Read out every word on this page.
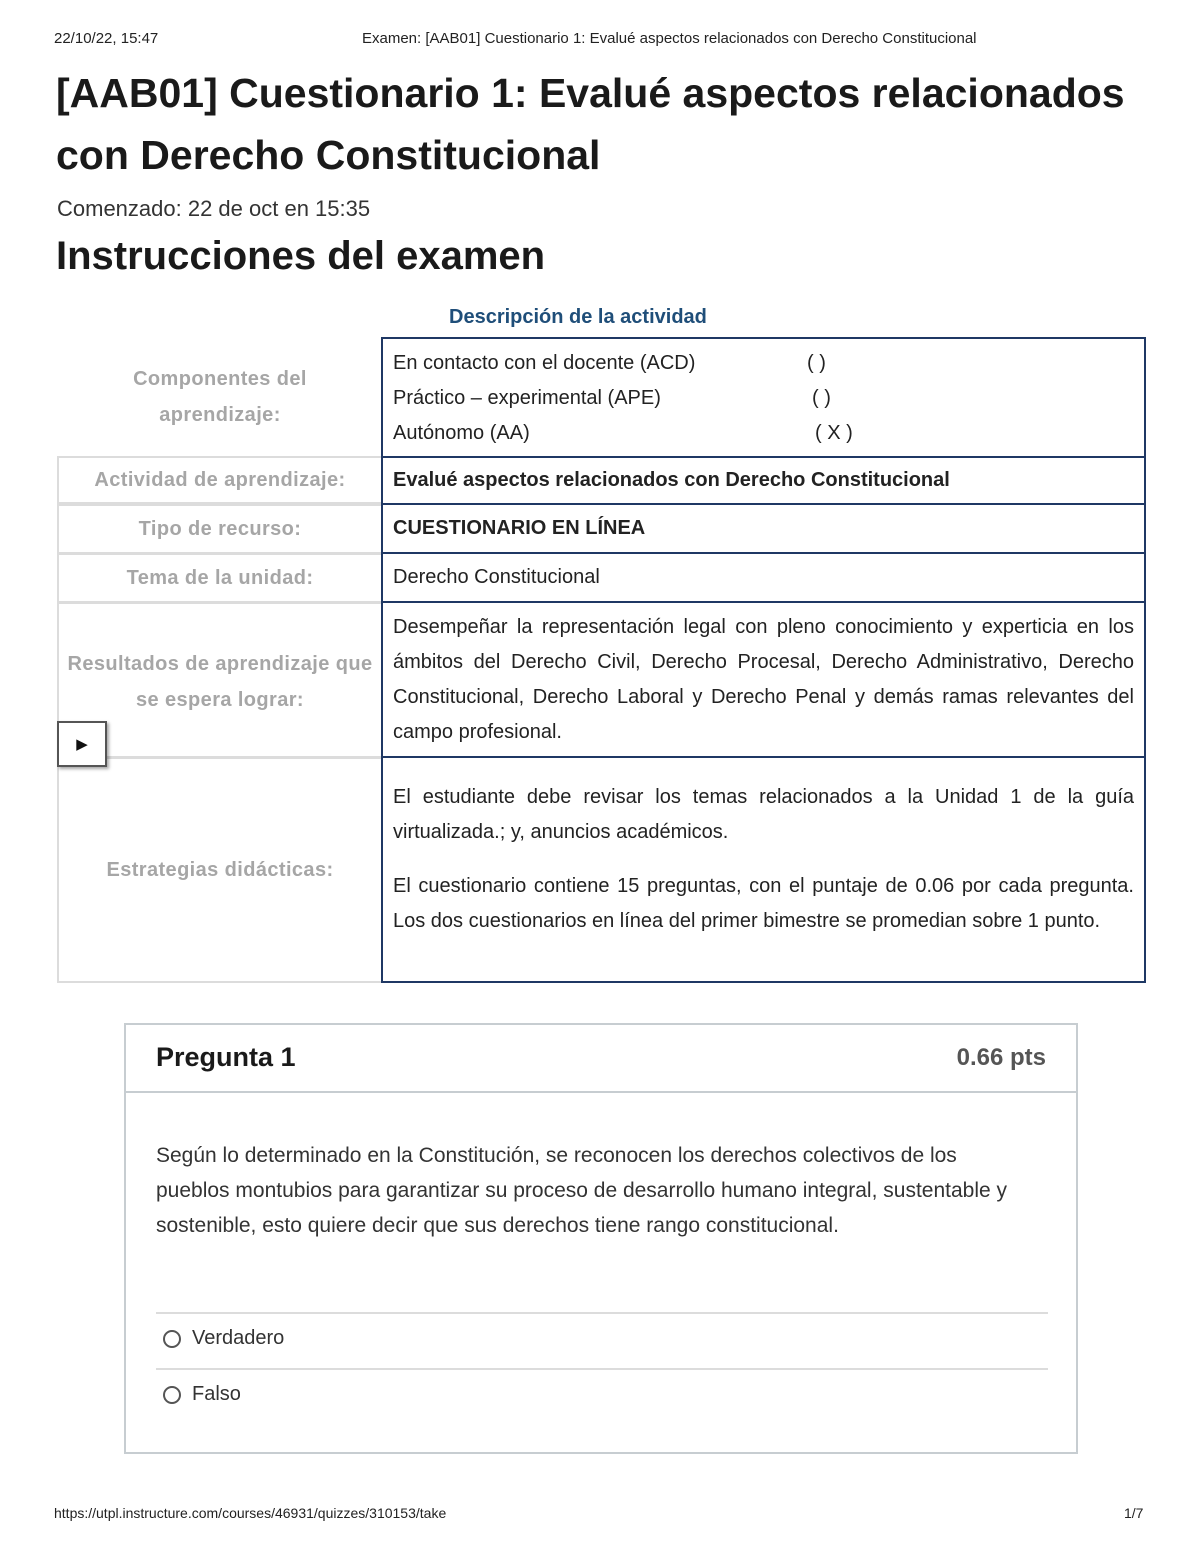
22/10/22, 15:47	Examen: [AAB01] Cuestionario 1: Evalué aspectos relacionados con Derecho Constitucional
[AAB01] Cuestionario 1: Evalué aspectos relacionados con Derecho Constitucional
Comenzado: 22 de oct en 15:35
Instrucciones del examen
Descripción de la actividad
Componentes del aprendizaje:
En contacto con el docente (ACD)	( )
Práctico – experimental (APE)	( )
Autónomo (AA)	( X )
Actividad de aprendizaje:	Evalué aspectos relacionados con Derecho Constitucional
Tipo de recurso:	CUESTIONARIO EN LÍNEA
Tema de la unidad:	Derecho Constitucional
Resultados de aprendizaje que se espera lograr:
Desempeñar la representación legal con pleno conocimiento y experticia en los ámbitos del Derecho Civil, Derecho Procesal, Derecho Administrativo, Derecho Constitucional, Derecho Laboral y Derecho Penal y demás ramas relevantes del campo profesional.
Estrategias didácticas:
El estudiante debe revisar los temas relacionados a la Unidad 1 de la guía virtualizada.; y, anuncios académicos.
El cuestionario contiene 15 preguntas, con el puntaje de 0.06 por cada pregunta. Los dos cuestionarios en línea del primer bimestre se promedian sobre 1 punto.
▶
Pregunta 1	0.66 pts
Según lo determinado en la Constitución, se reconocen los derechos colectivos de los pueblos montubios para garantizar su proceso de desarrollo humano integral, sustentable y sostenible, esto quiere decir que sus derechos tiene rango constitucional.
Verdadero
Falso
https://utpl.instructure.com/courses/46931/quizzes/310153/take	1/7
